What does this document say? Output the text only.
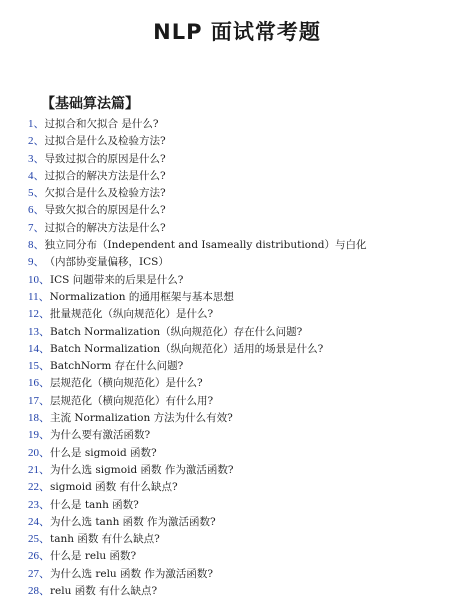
NLP 面试常考题
【基础算法篇】
1、 过拟合和欠拟合 是什么?
2、 过拟合是什么及检验方法?
3、 导致过拟合的原因是什么?
4、 过拟合的解决方法是什么?
5、 欠拟合是什么及检验方法?
6、 导致欠拟合的原因是什么?
7、 过拟合的解决方法是什么?
8、 独立同分布（Independent and Isameally distributiond）与白化
9、 （内部协变量偏移，ICS）
10、 ICS 问题带来的后果是什么?
11、 Normalization 的通用框架与基本思想
12、 批量规范化（纵向规范化）是什么?
13、 Batch Normalization（纵向规范化）存在什么问题?
14、 Batch Normalization（纵向规范化）适用的场景是什么?
15、 BatchNorm 存在什么问题?
16、 层规范化（横向规范化）是什么?
17、 层规范化（横向规范化）有什么用?
18、 主流 Normalization 方法为什么有效?
19、 为什么要有激活函数?
20、 什么是 sigmoid 函数?
21、 为什么选 sigmoid 函数 作为激活函数?
22、 sigmoid 函数 有什么缺点?
23、 什么是 tanh 函数?
24、 为什么选 tanh 函数 作为激活函数?
25、 tanh 函数 有什么缺点?
26、 什么是 relu 函数?
27、 为什么选 relu 函数 作为激活函数?
28、 relu 函数 有什么缺点?
